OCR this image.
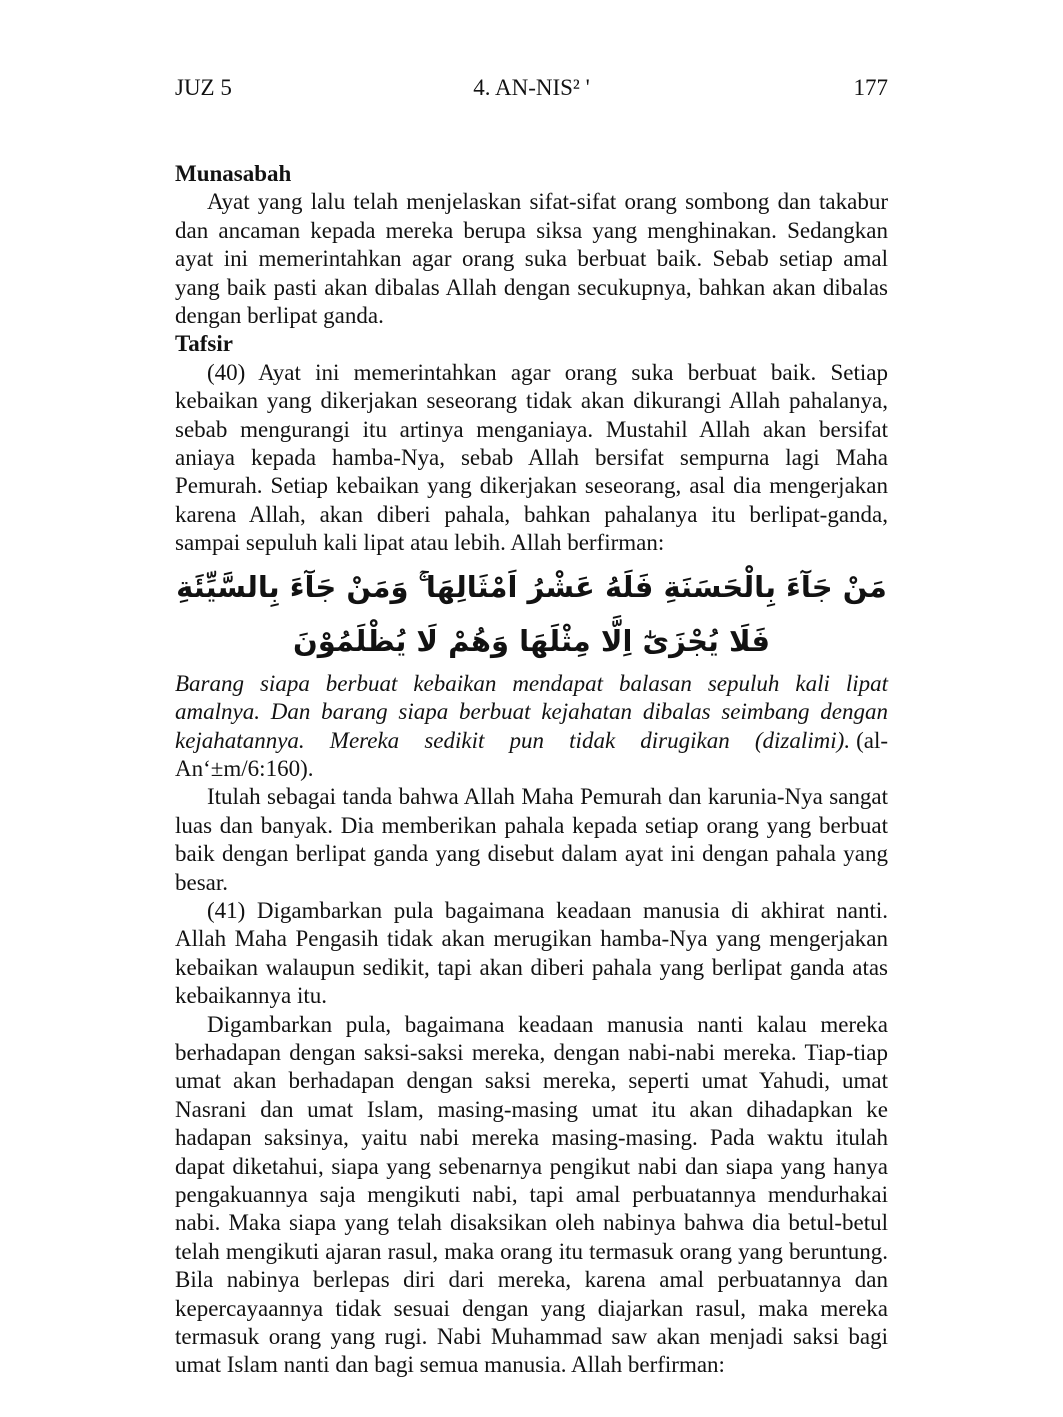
JUZ 5	4. AN-NIS² '	177
Munasabah

Ayat yang lalu telah menjelaskan sifat-sifat orang sombong dan takabur dan ancaman kepada mereka berupa siksa yang menghinakan. Sedangkan ayat ini memerintahkan agar orang suka berbuat baik. Sebab setiap amal yang baik pasti akan dibalas Allah dengan secukupnya, bahkan akan dibalas dengan berlipat ganda.

Tafsir

(40) Ayat ini memerintahkan agar orang suka berbuat baik. Setiap kebaikan yang dikerjakan seseorang tidak akan dikurangi Allah pahalanya, sebab mengurangi itu artinya menganiaya. Mustahil Allah akan bersifat aniaya kepada hamba-Nya, sebab Allah bersifat sempurna lagi Maha Pemurah. Setiap kebaikan yang dikerjakan seseorang, asal dia mengerjakan karena Allah, akan diberi pahala, bahkan pahalanya itu berlipat-ganda, sampai sepuluh kali lipat atau lebih. Allah berfirman:

مَنْ جَآءَ بِالْحَسَنَةِ فَلَهُ عَشْرُ اَمْثَالِهَا ۚ وَمَنْ جَآءَ بِالسَّيِّئَةِ فَلَا يُجْزَىٰٓ اِلَّا مِثْلَهَا وَهُمْ لَا يُظْلَمُوْنَ

Barang siapa berbuat kebaikan mendapat balasan sepuluh kali lipat amalnya. Dan barang siapa berbuat kejahatan dibalas seimbang dengan kejahatannya. Mereka sedikit pun tidak dirugikan (dizalimi). (al-An‘±m/6:160).

Itulah sebagai tanda bahwa Allah Maha Pemurah dan karunia-Nya sangat luas dan banyak. Dia memberikan pahala kepada setiap orang yang berbuat baik dengan berlipat ganda yang disebut dalam ayat ini dengan pahala yang besar.

(41) Digambarkan pula bagaimana keadaan manusia di akhirat nanti. Allah Maha Pengasih tidak akan merugikan hamba-Nya yang mengerjakan kebaikan walaupun sedikit, tapi akan diberi pahala yang berlipat ganda atas kebaikannya itu.

Digambarkan pula, bagaimana keadaan manusia nanti kalau mereka berhadapan dengan saksi-saksi mereka, dengan nabi-nabi mereka. Tiap-tiap umat akan berhadapan dengan saksi mereka, seperti umat Yahudi, umat Nasrani dan umat Islam, masing-masing umat itu akan dihadapkan ke hadapan saksinya, yaitu nabi mereka masing-masing. Pada waktu itulah dapat diketahui, siapa yang sebenarnya pengikut nabi dan siapa yang hanya pengakuannya saja mengikuti nabi, tapi amal perbuatannya mendurhakai nabi. Maka siapa yang telah disaksikan oleh nabinya bahwa dia betul-betul telah mengikuti ajaran rasul, maka orang itu termasuk orang yang beruntung. Bila nabinya berlepas diri dari mereka, karena amal perbuatannya dan kepercayaannya tidak sesuai dengan yang diajarkan rasul, maka mereka termasuk orang yang rugi. Nabi Muhammad saw akan menjadi saksi bagi umat Islam nanti dan bagi semua manusia. Allah berfirman:
